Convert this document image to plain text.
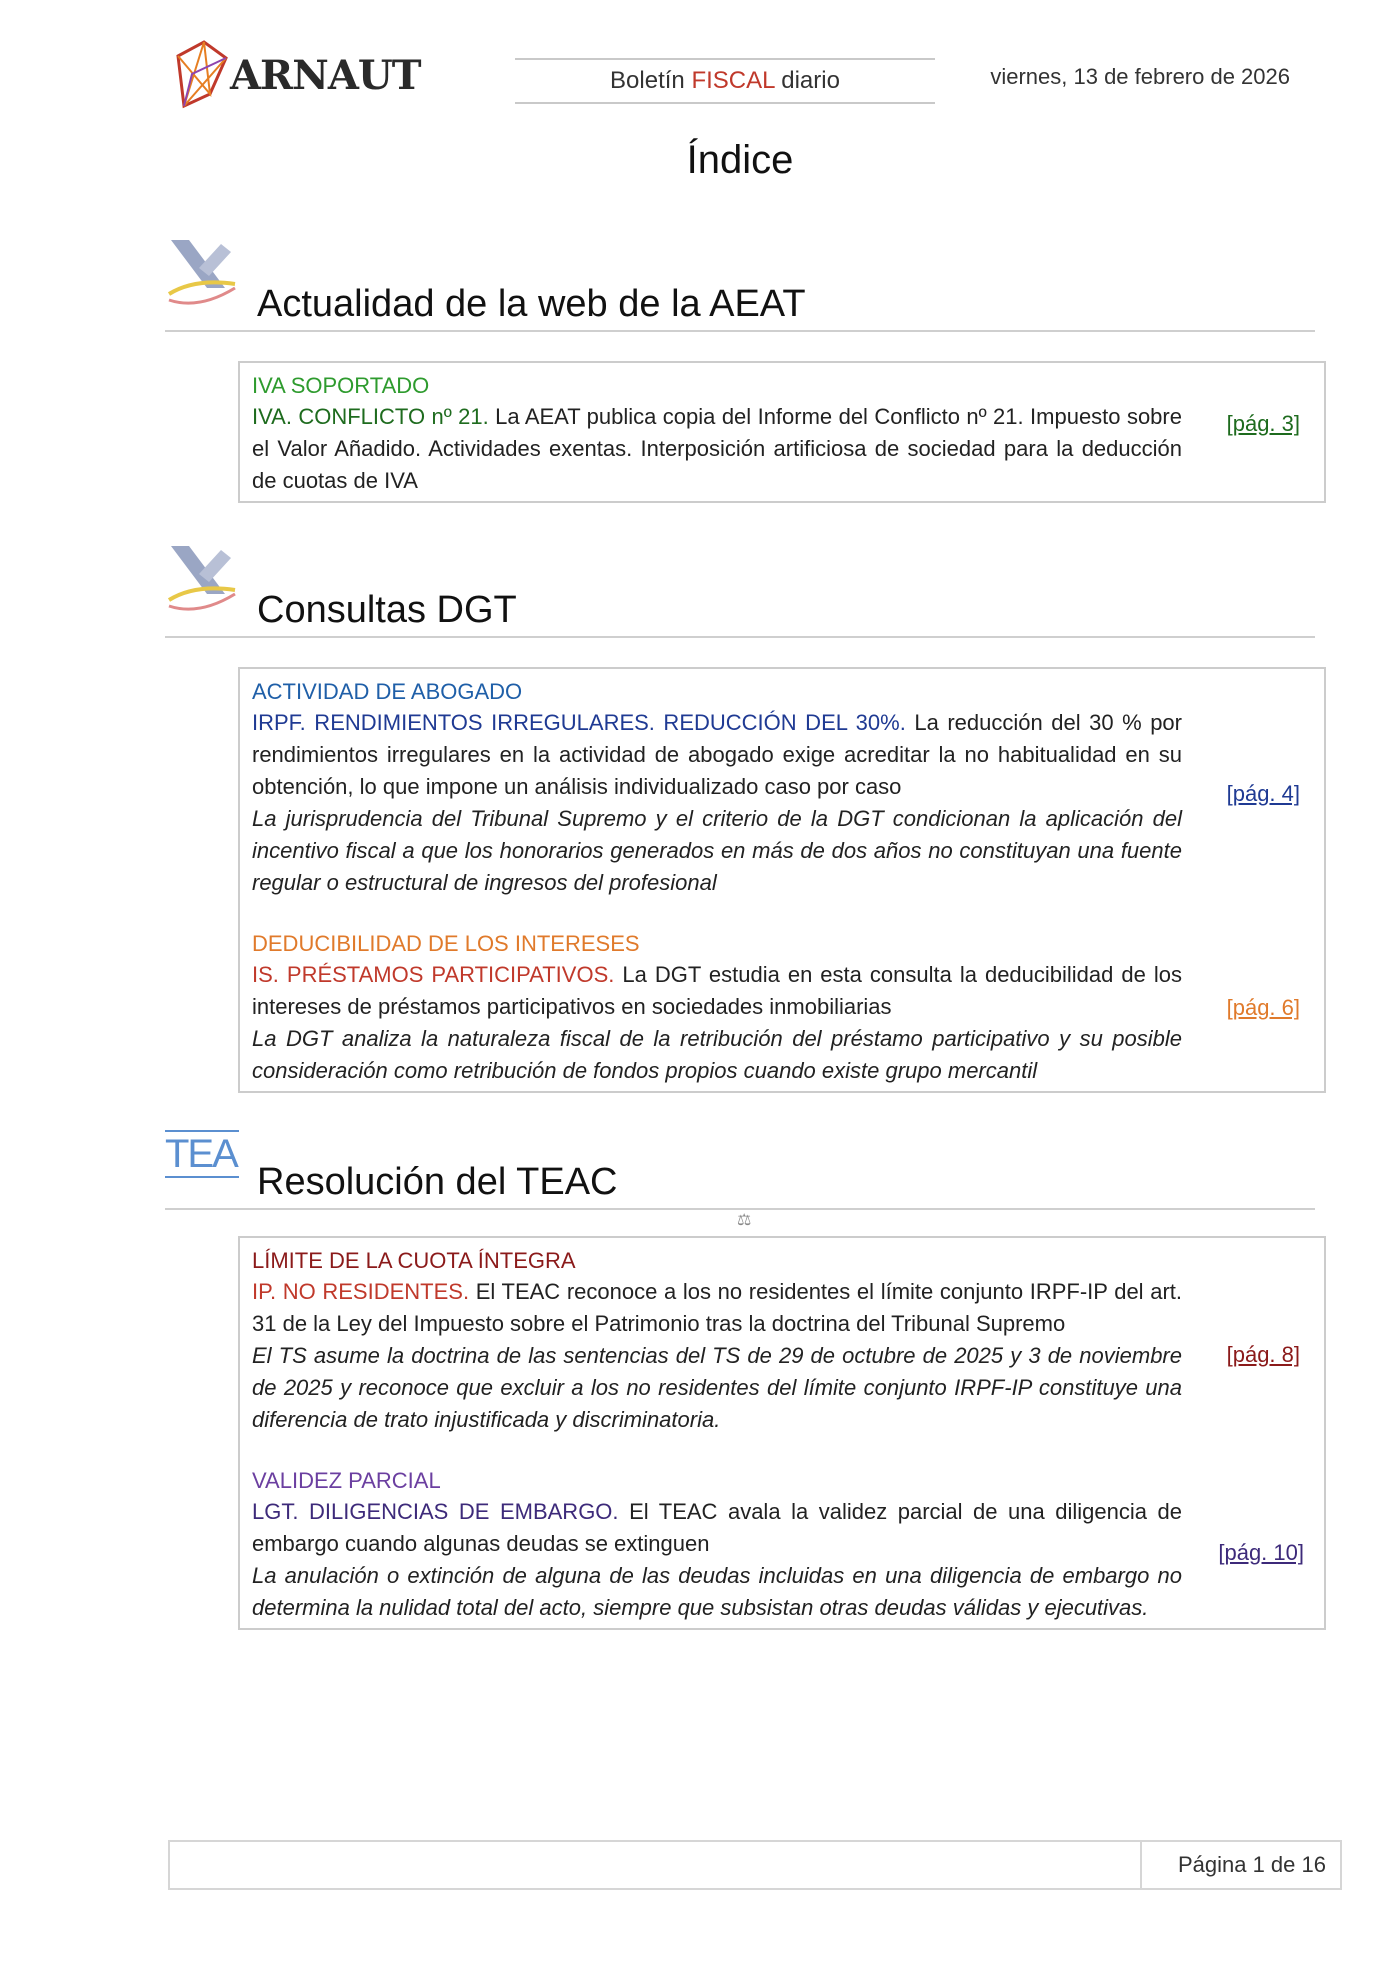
ARNAUT	Boletín FISCAL diario	viernes, 13 de febrero de 2026
Índice
Actualidad de la web de la AEAT
IVA SOPORTADO
IVA. CONFLICTO nº 21. La AEAT publica copia del Informe del Conflicto nº 21. Impuesto sobre el Valor Añadido. Actividades exentas. Interposición artificiosa de sociedad para la deducción de cuotas de IVA
[pág. 3]
Consultas DGT
ACTIVIDAD DE ABOGADO
IRPF. RENDIMIENTOS IRREGULARES. REDUCCIÓN DEL 30%. La reducción del 30 % por rendimientos irregulares en la actividad de abogado exige acreditar la no habitualidad en su obtención, lo que impone un análisis individualizado caso por caso
La jurisprudencia del Tribunal Supremo y el criterio de la DGT condicionan la aplicación del incentivo fiscal a que los honorarios generados en más de dos años no constituyan una fuente regular o estructural de ingresos del profesional
[pág. 4]
DEDUCIBILIDAD DE LOS INTERESES
IS. PRÉSTAMOS PARTICIPATIVOS. La DGT estudia en esta consulta la deducibilidad de los intereses de préstamos participativos en sociedades inmobiliarias
La DGT analiza la naturaleza fiscal de la retribución del préstamo participativo y su posible consideración como retribución de fondos propios cuando existe grupo mercantil
[pág. 6]
TEA
Resolución del TEAC
⚖
LÍMITE DE LA CUOTA ÍNTEGRA
IP. NO RESIDENTES. El TEAC reconoce a los no residentes el límite conjunto IRPF-IP del art. 31 de la Ley del Impuesto sobre el Patrimonio tras la doctrina del Tribunal Supremo
El TS asume la doctrina de las sentencias del TS de 29 de octubre de 2025 y 3 de noviembre de 2025 y reconoce que excluir a los no residentes del límite conjunto IRPF-IP constituye una diferencia de trato injustificada y discriminatoria.
[pág. 8]
VALIDEZ PARCIAL
LGT. DILIGENCIAS DE EMBARGO. El TEAC avala la validez parcial de una diligencia de embargo cuando algunas deudas se extinguen
La anulación o extinción de alguna de las deudas incluidas en una diligencia de embargo no determina la nulidad total del acto, siempre que subsistan otras deudas válidas y ejecutivas.
[pág. 10]
Página 1 de 16
